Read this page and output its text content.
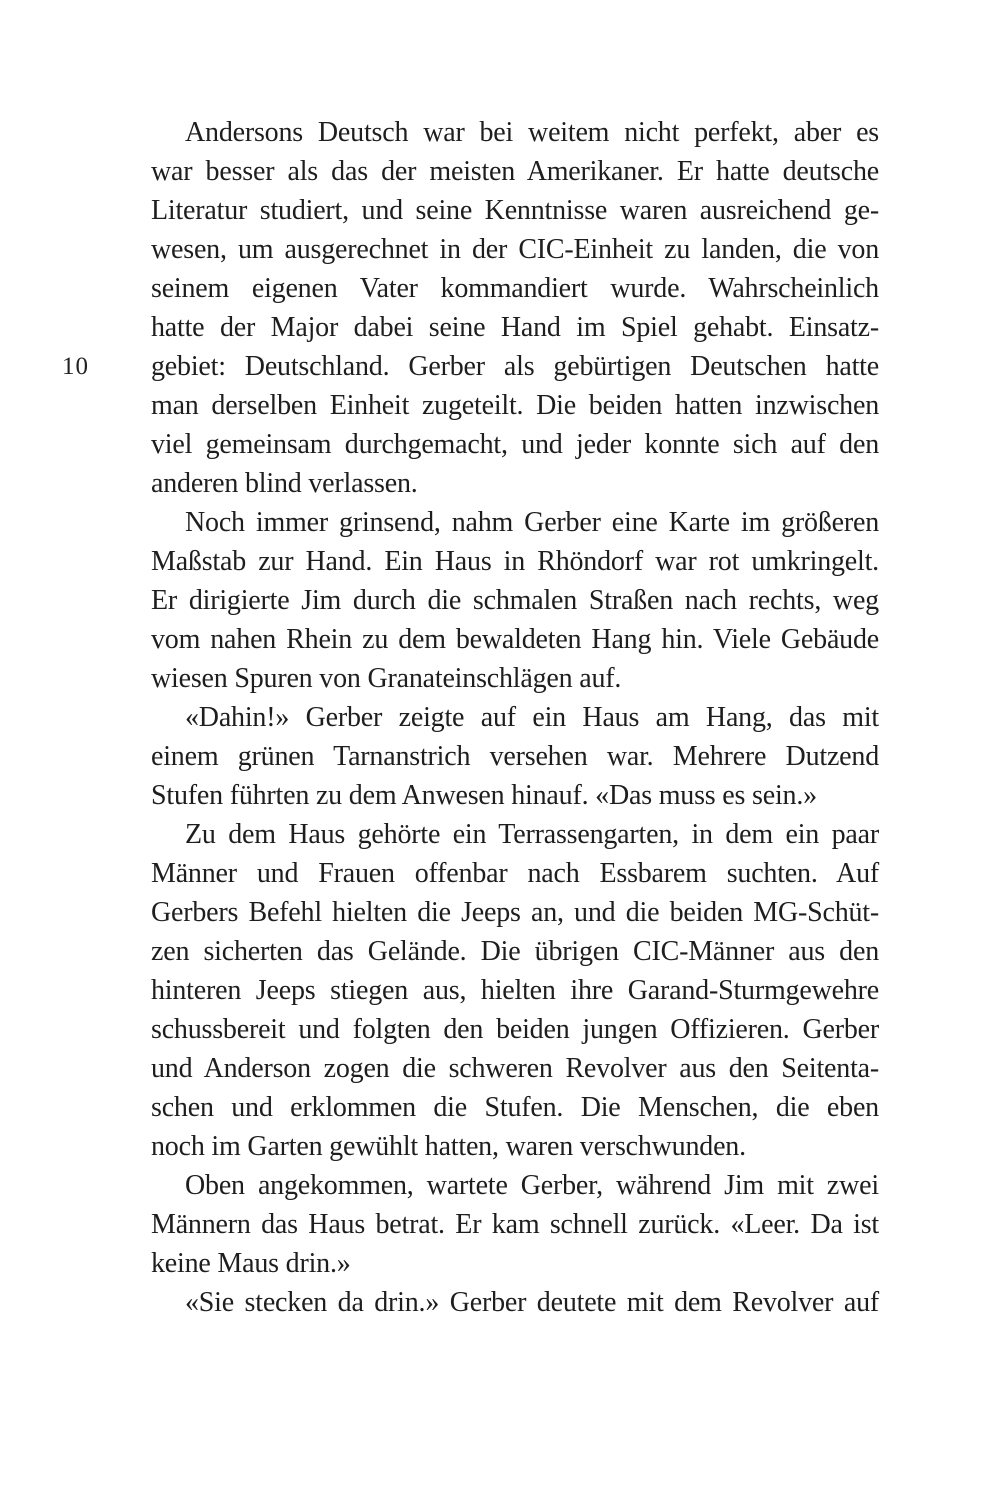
10

Andersons Deutsch war bei weitem nicht perfekt, aber es
war besser als das der meisten Amerikaner. Er hatte deutsche
Literatur studiert, und seine Kenntnisse waren ausreichend ge-
wesen, um ausgerechnet in der CIC-Einheit zu landen, die von
seinem eigenen Vater kommandiert wurde. Wahrscheinlich
hatte der Major dabei seine Hand im Spiel gehabt. Einsatz-
gebiet: Deutschland. Gerber als gebürtigen Deutschen hatte
man derselben Einheit zugeteilt. Die beiden hatten inzwischen
viel gemeinsam durchgemacht, und jeder konnte sich auf den
anderen blind verlassen.

Noch immer grinsend, nahm Gerber eine Karte im größeren
Maßstab zur Hand. Ein Haus in Rhöndorf war rot umkringelt.
Er dirigierte Jim durch die schmalen Straßen nach rechts, weg
vom nahen Rhein zu dem bewaldeten Hang hin. Viele Gebäude
wiesen Spuren von Granateinschlägen auf.

«Dahin!» Gerber zeigte auf ein Haus am Hang, das mit
einem grünen Tarnanstrich versehen war. Mehrere Dutzend
Stufen führten zu dem Anwesen hinauf. «Das muss es sein.»

Zu dem Haus gehörte ein Terrassengarten, in dem ein paar
Männer und Frauen offenbar nach Essbarem suchten. Auf
Gerbers Befehl hielten die Jeeps an, und die beiden MG-Schüt-
zen sicherten das Gelände. Die übrigen CIC-Männer aus den
hinteren Jeeps stiegen aus, hielten ihre Garand-Sturmgewehre
schussbereit und folgten den beiden jungen Offizieren. Gerber
und Anderson zogen die schweren Revolver aus den Seitenta-
schen und erklommen die Stufen. Die Menschen, die eben
noch im Garten gewühlt hatten, waren verschwunden.

Oben angekommen, wartete Gerber, während Jim mit zwei
Männern das Haus betrat. Er kam schnell zurück. «Leer. Da ist
keine Maus drin.»

«Sie stecken da drin.» Gerber deutete mit dem Revolver auf
